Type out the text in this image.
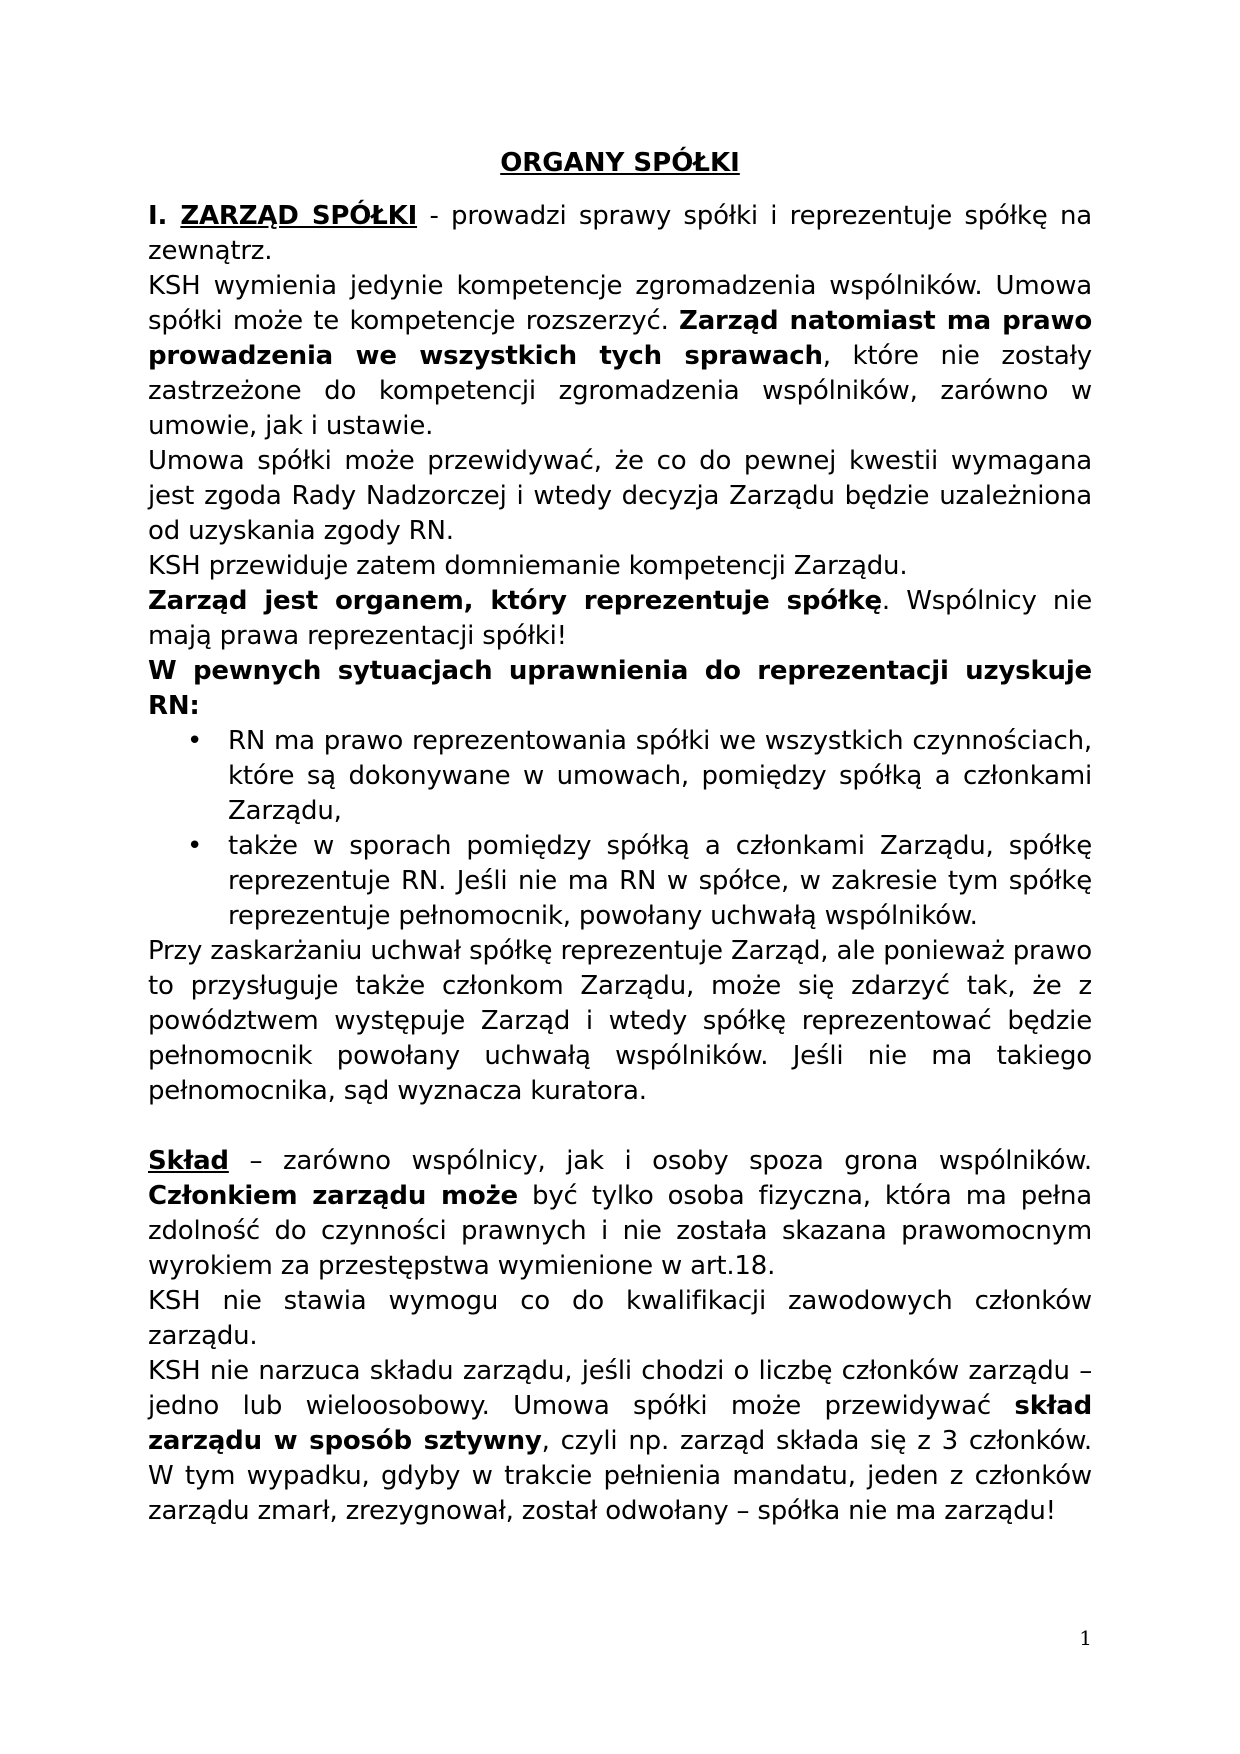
ORGANY SPÓŁKI

I. ZARZĄD SPÓŁKI - prowadzi sprawy spółki i reprezentuje spółkę na zewnątrz.

KSH wymienia jedynie kompetencje zgromadzenia wspólników. Umowa spółki może te kompetencje rozszerzyć. Zarząd natomiast ma prawo prowadzenia we wszystkich tych sprawach, które nie zostały zastrzeżone do kompetencji zgromadzenia wspólników, zarówno w umowie, jak i ustawie.

Umowa spółki może przewidywać, że co do pewnej kwestii wymagana jest zgoda Rady Nadzorczej i wtedy decyzja Zarządu będzie uzależniona od uzyskania zgody RN.

KSH przewiduje zatem domniemanie kompetencji Zarządu.

Zarząd jest organem, który reprezentuje spółkę. Wspólnicy nie mają prawa reprezentacji spółki!

W pewnych sytuacjach uprawnienia do reprezentacji uzyskuje RN:

• RN ma prawo reprezentowania spółki we wszystkich czynnościach, które są dokonywane w umowach, pomiędzy spółką a członkami Zarządu,
• także w sporach pomiędzy spółką a członkami Zarządu, spółkę reprezentuje RN. Jeśli nie ma RN w spółce, w zakresie tym spółkę reprezentuje pełnomocnik, powołany uchwałą wspólników.

Przy zaskarżaniu uchwał spółkę reprezentuje Zarząd, ale ponieważ prawo to przysługuje także członkom Zarządu, może się zdarzyć tak, że z powództwem występuje Zarząd i wtedy spółkę reprezentować będzie pełnomocnik powołany uchwałą wspólników. Jeśli nie ma takiego pełnomocnika, sąd wyznacza kuratora.

Skład – zarówno wspólnicy, jak i osoby spoza grona wspólników. Członkiem zarządu może być tylko osoba fizyczna, która ma pełna zdolność do czynności prawnych i nie została skazana prawomocnym wyrokiem za przestępstwa wymienione w art.18.

KSH nie stawia wymogu co do kwalifikacji zawodowych członków zarządu.

KSH nie narzuca składu zarządu, jeśli chodzi o liczbę członków zarządu – jedno lub wieloosobowy. Umowa spółki może przewidywać skład zarządu w sposób sztywny, czyli np. zarząd składa się z 3 członków. W tym wypadku, gdyby w trakcie pełnienia mandatu, jeden z członków zarządu zmarł, zrezygnował, został odwołany – spółka nie ma zarządu!

1
